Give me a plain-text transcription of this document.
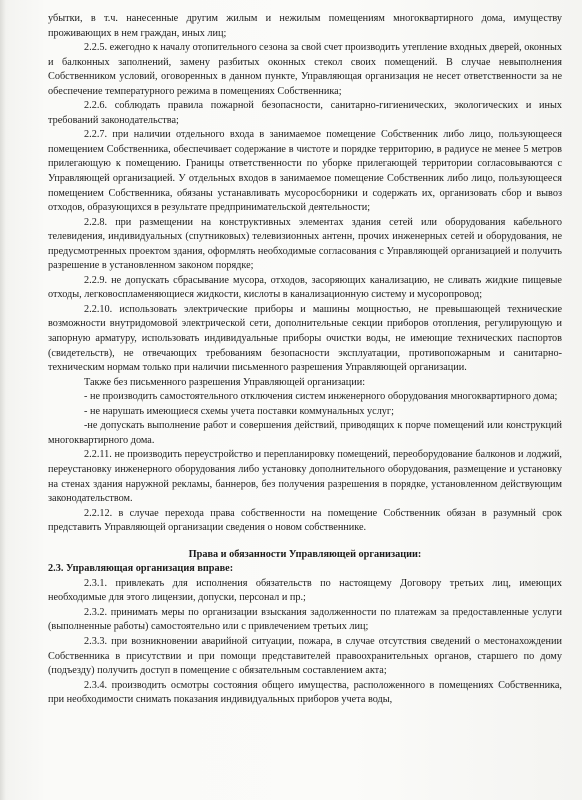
убытки, в т.ч. нанесенные другим жилым и нежилым помещениям многоквартирного дома, имуществу проживающих в нем граждан, иных лиц;

2.2.5. ежегодно к началу отопительного сезона за свой счет производить утепление входных дверей, оконных и балконных заполнений, замену разбитых оконных стекол своих помещений. В случае невыполнения Собственником условий, оговоренных в данном пункте, Управляющая организация не несет ответственности за не обеспечение температурного режима в помещениях Собственника;

2.2.6. соблюдать правила пожарной безопасности, санитарно-гигиенических, экологических и иных требований законодательства;

2.2.7. при наличии отдельного входа в занимаемое помещение Собственник либо лицо, пользующееся помещением Собственника, обеспечивает содержание в чистоте и порядке территорию, в радиусе не менее 5 метров прилегающую к помещению. Границы ответственности по уборке прилегающей территории согласовываются с Управляющей организацией. У отдельных входов в занимаемое помещение Собственник либо лицо, пользующееся помещением Собственника, обязаны устанавливать мусоросборники и содержать их, организовать сбор и вывоз отходов, образующихся в результате предпринимательской деятельности;

2.2.8. при размещении на конструктивных элементах здания сетей или оборудования кабельного телевидения, индивидуальных (спутниковых) телевизионных антенн, прочих инженерных сетей и оборудования, не предусмотренных проектом здания, оформлять необходимые согласования с Управляющей организацией и получить разрешение в установленном законом порядке;

2.2.9. не допускать сбрасывание мусора, отходов, засоряющих канализацию, не сливать жидкие пищевые отходы, легковоспламеняющиеся жидкости, кислоты в канализационную систему и мусоропровод;

2.2.10. использовать электрические приборы и машины мощностью, не превышающей технические возможности внутридомовой электрической сети, дополнительные секции приборов отопления, регулирующую и запорную арматуру, использовать индивидуальные приборы очистки воды, не имеющие технических паспортов (свидетельств), не отвечающих требованиям безопасности эксплуатации, противопожарным и санитарно-техническим нормам только при наличии письменного разрешения Управляющей организации.

Также без письменного разрешения Управляющей организации:

- не производить самостоятельного отключения систем инженерного оборудования многоквартирного дома;

- не нарушать имеющиеся схемы учета поставки коммунальных услуг;

-не допускать выполнение работ и совершения действий, приводящих к порче помещений или конструкций многоквартирного дома.

2.2.11. не производить переустройство и перепланировку помещений, переоборудование балконов и лоджий, переустановку инженерного оборудования либо установку дополнительного оборудования, размещение и установку на стенах здания наружной рекламы, баннеров, без получения разрешения в порядке, установленном действующим законодательством.

2.2.12. в случае перехода права собственности на помещение Собственник обязан в разумный срок представить Управляющей организации сведения о новом собственнике.

Права и обязанности Управляющей организации:

2.3. Управляющая организация вправе:

2.3.1. привлекать для исполнения обязательств по настоящему Договору третьих лиц, имеющих необходимые для этого лицензии, допуски, персонал и пр.;

2.3.2. принимать меры по организации взыскания задолженности по платежам за предоставленные услуги (выполненные работы) самостоятельно или с привлечением третьих лиц;

2.3.3. при возникновении аварийной ситуации, пожара, в случае отсутствия сведений о местонахождении Собственника в присутствии и при помощи представителей правоохранительных органов, старшего по дому (подъезду) получить доступ в помещение с обязательным составлением акта;

2.3.4. производить осмотры состояния общего имущества, расположенного в помещениях Собственника, при необходимости снимать показания индивидуальных приборов учета воды,
